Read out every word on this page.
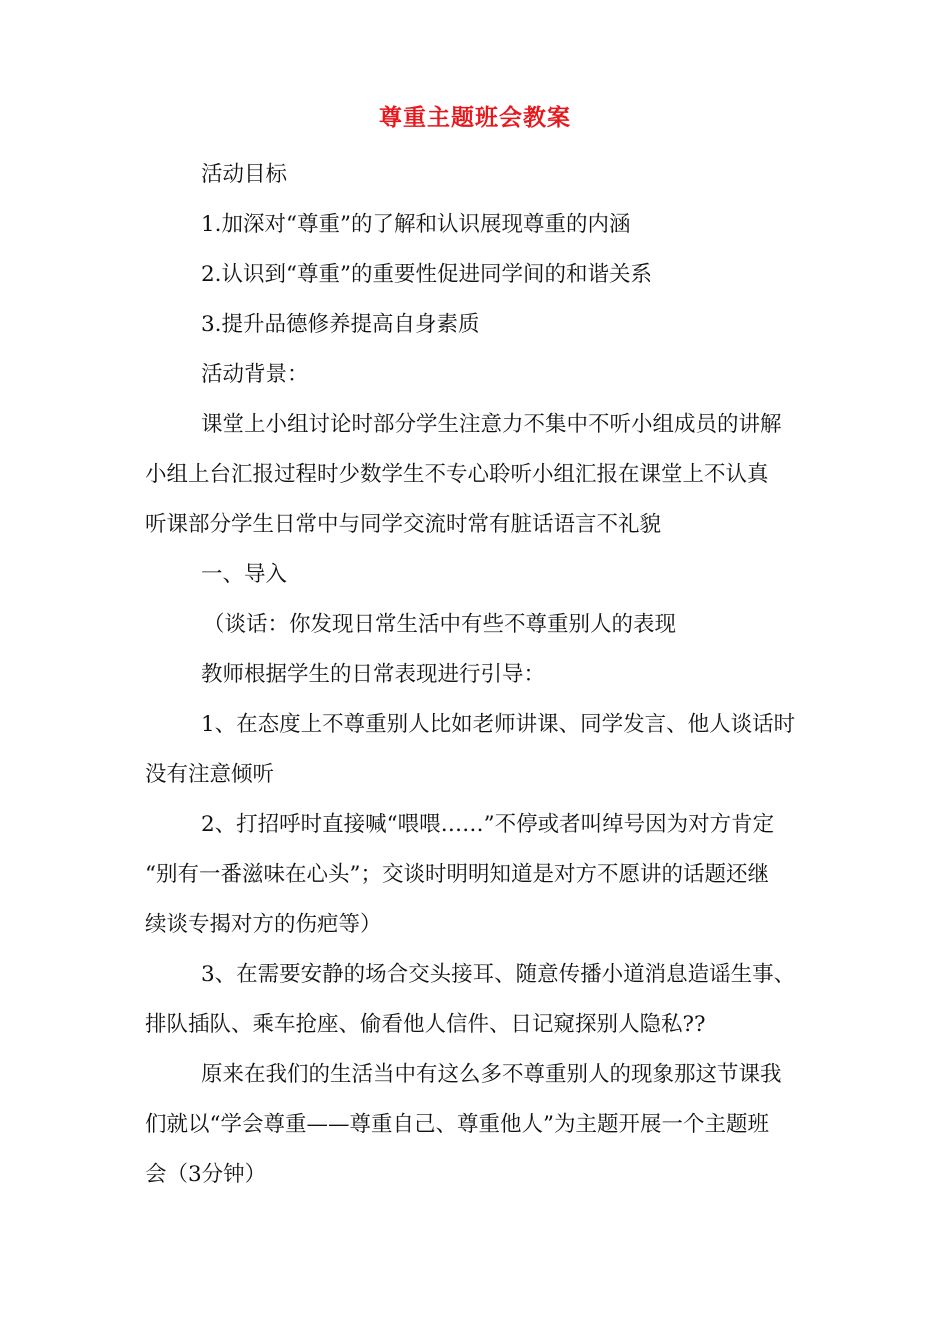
尊重主题班会教案

活动目标

1.加深对“尊重”的了解和认识展现尊重的内涵

2.认识到“尊重”的重要性促进同学间的和谐关系

3.提升品德修养提高自身素质

活动背景：

课堂上小组讨论时部分学生注意力不集中不听小组成员的讲解

小组上台汇报过程时少数学生不专心聆听小组汇报在课堂上不认真

听课部分学生日常中与同学交流时常有脏话语言不礼貌

一、导入

（谈话：你发现日常生活中有些不尊重别人的表现

教师根据学生的日常表现进行引导：

1、在态度上不尊重别人比如老师讲课、同学发言、他人谈话时

没有注意倾听

2、打招呼时直接喊“喂喂……”不停或者叫绰号因为对方肯定

“别有一番滋味在心头”；交谈时明明知道是对方不愿讲的话题还继

续谈专揭对方的伤疤等）

3、在需要安静的场合交头接耳、随意传播小道消息造谣生事、

排队插队、乘车抢座、偷看他人信件、日记窥探别人隐私??

原来在我们的生活当中有这么多不尊重别人的现象那这节课我

们就以“学会尊重——尊重自己、尊重他人”为主题开展一个主题班

会（3分钟）
